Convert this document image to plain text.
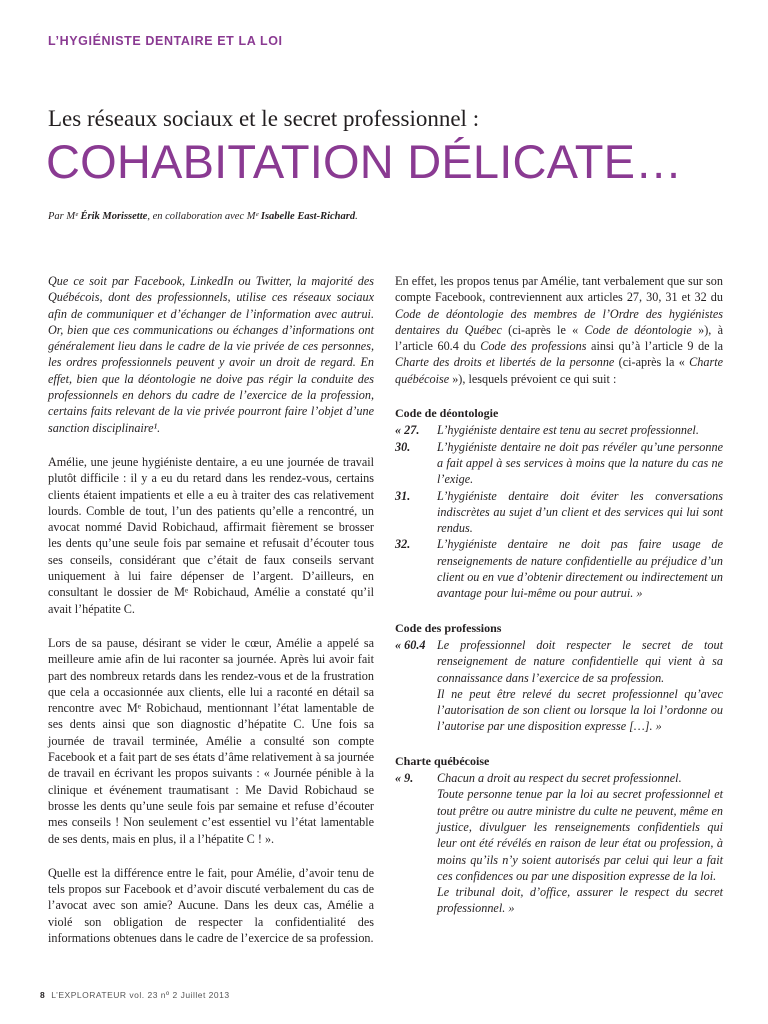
L’HYGIÉNISTE DENTAIRE ET LA LOI
Les réseaux sociaux et le secret professionnel :
COHABITATION DÉLICATE…
Par Mᵉ Érik Morissette, en collaboration avec Mᵉ Isabelle East-Richard.

Que ce soit par Facebook, LinkedIn ou Twitter, la majorité des Québécois, dont des professionnels, utilise ces réseaux sociaux afin de communiquer et d’échanger de l’information avec autrui. Or, bien que ces communications ou échanges d’informations ont généralement lieu dans le cadre de la vie privée de ces personnes, les ordres professionnels peuvent y avoir un droit de regard. En effet, bien que la déontologie ne doive pas régir la conduite des professionnels en dehors du cadre de l’exercice de la profession, certains faits relevant de la vie privée pourront faire l’objet d’une sanction disciplinaire¹.

Amélie, une jeune hygiéniste dentaire, a eu une journée de travail plutôt difficile : il y a eu du retard dans les rendez-vous, certains clients étaient impatients et elle a eu à traiter des cas relativement lourds. Comble de tout, l’un des patients qu’elle a rencontré, un avocat nommé David Robichaud, affirmait fièrement se brosser les dents qu’une seule fois par semaine et refusait d’écouter tous ses conseils, considérant que c’était de faux conseils servant uniquement à lui faire dépenser de l’argent. D’ailleurs, en consultant le dossier de Mᵉ Robichaud, Amélie a constaté qu’il avait l’hépatite C.

Lors de sa pause, désirant se vider le cœur, Amélie a appelé sa meilleure amie afin de lui raconter sa journée. Après lui avoir fait part des nombreux retards dans les rendez-vous et de la frustration que cela a occasionnée aux clients, elle lui a raconté en détail sa rencontre avec Mᵉ Robichaud, mentionnant l’état lamentable de ses dents ainsi que son diagnostic d’hépatite C. Une fois sa journée de travail terminée, Amélie a consulté son compte Facebook et a fait part de ses états d’âme relativement à sa journée de travail en écrivant les propos suivants : « Journée pénible à la clinique et événement traumatisant : Me David Robichaud se brosse les dents qu’une seule fois par semaine et refuse d’écouter mes conseils ! Non seulement c’est essentiel vu l’état lamentable de ses dents, mais en plus, il a l’hépatite C ! ».

Quelle est la différence entre le fait, pour Amélie, d’avoir tenu de tels propos sur Facebook et d’avoir discuté verbalement du cas de l’avocat avec son amie? Aucune. Dans les deux cas, Amélie a violé son obligation de respecter la confidentialité des informations obtenues dans le cadre de l’exercice de sa profession.

En effet, les propos tenus par Amélie, tant verbalement que sur son compte Facebook, contreviennent aux articles 27, 30, 31 et 32 du Code de déontologie des membres de l’Ordre des hygiénistes dentaires du Québec (ci-après le « Code de déontologie »), à l’article 60.4 du Code des professions ainsi qu’à l’article 9 de la Charte des droits et libertés de la personne (ci-après la « Charte québécoise »), lesquels prévoient ce qui suit :

Code de déontologie
« 27.	L’hygiéniste dentaire est tenu au secret professionnel.
30.	L’hygiéniste dentaire ne doit pas révéler qu’une personne a fait appel à ses services à moins que la nature du cas ne l’exige.
31.	L’hygiéniste dentaire doit éviter les conversations indiscrètes au sujet d’un client et des services qui lui sont rendus.
32.	L’hygiéniste dentaire ne doit pas faire usage de renseignements de nature confidentielle au préjudice d’un client ou en vue d’obtenir directement ou indirectement un avantage pour lui-même ou pour autrui. »
Code des professions
« 60.4 Le professionnel doit respecter le secret de tout renseignement de nature confidentielle qui vient à sa connaissance dans l’exercice de sa profession.
Il ne peut être relevé du secret professionnel qu’avec l’autorisation de son client ou lorsque la loi l’ordonne ou l’autorise par une disposition expresse […]. »
Charte québécoise
« 9.	Chacun a droit au respect du secret professionnel.
Toute personne tenue par la loi au secret professionnel et tout prêtre ou autre ministre du culte ne peuvent, même en justice, divulguer les renseignements confidentiels qui leur ont été révélés en raison de leur état ou profession, à moins qu’ils n’y soient autorisés par celui qui leur a fait ces confidences ou par une disposition expresse de la loi.
Le tribunal doit, d’office, assurer le respect du secret professionnel. »
8 L’EXPLORATEUR vol. 23 nº 2 Juillet 2013
